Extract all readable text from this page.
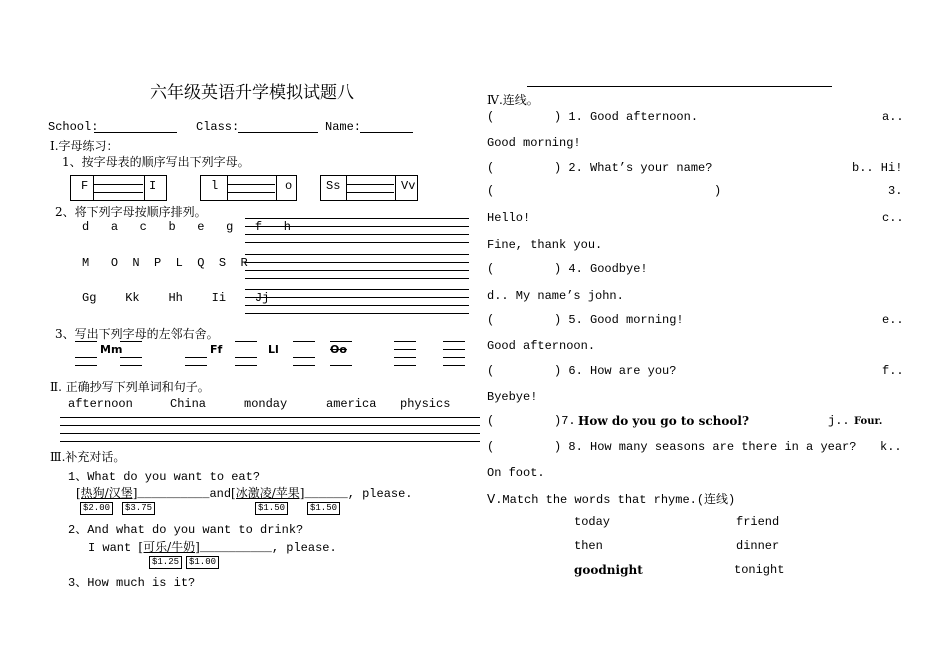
六年级英语升学模拟试题八
School:	Class:	Name:
Ⅰ.字母练习：
1、按字母表的顺序写出下列字母。
F	I	l	o	Ss	Vv
2、将下列字母按顺序排列。
d a c b e g f h
M O N P L Q S R
Gg Kk Hh Ii Jj
3、写出下列字母的左邻右舍。
Mm	Ff	Ll	Oo
Ⅱ. 正确抄写下列单词和句子。
afternoon	China	monday	america physics
Ⅲ.补充对话。
1、What do you want to eat?
[热狗/汉堡]__________and[冰激凌/苹果]______, please.
$2.00	$3.75	$1.50	$1.50
2、And what do you want to drink?
I want [可乐/牛奶]__________, please.
$1.25	$1.00
3、How much is it?
Ⅳ.连线。
(	) 1. Good afternoon.	a..
Good morning!
(	) 2. What’s your name?	b.. Hi!
(	)	3.
Hello!	c..
Fine, thank you.
(	) 4. Goodbye!
d.. My name’s john.
(	) 5. Good morning!	e..
Good afternoon.
(	) 6. How are you?	f..
Byebye!
(	)7. How do you go to school?	j.. Four.
(	) 8. How many seasons are there in a year? k..
On foot.
Ⅴ.Match the words that rhyme.(连线)
today	friend
then	dinner
goodnight	tonight
